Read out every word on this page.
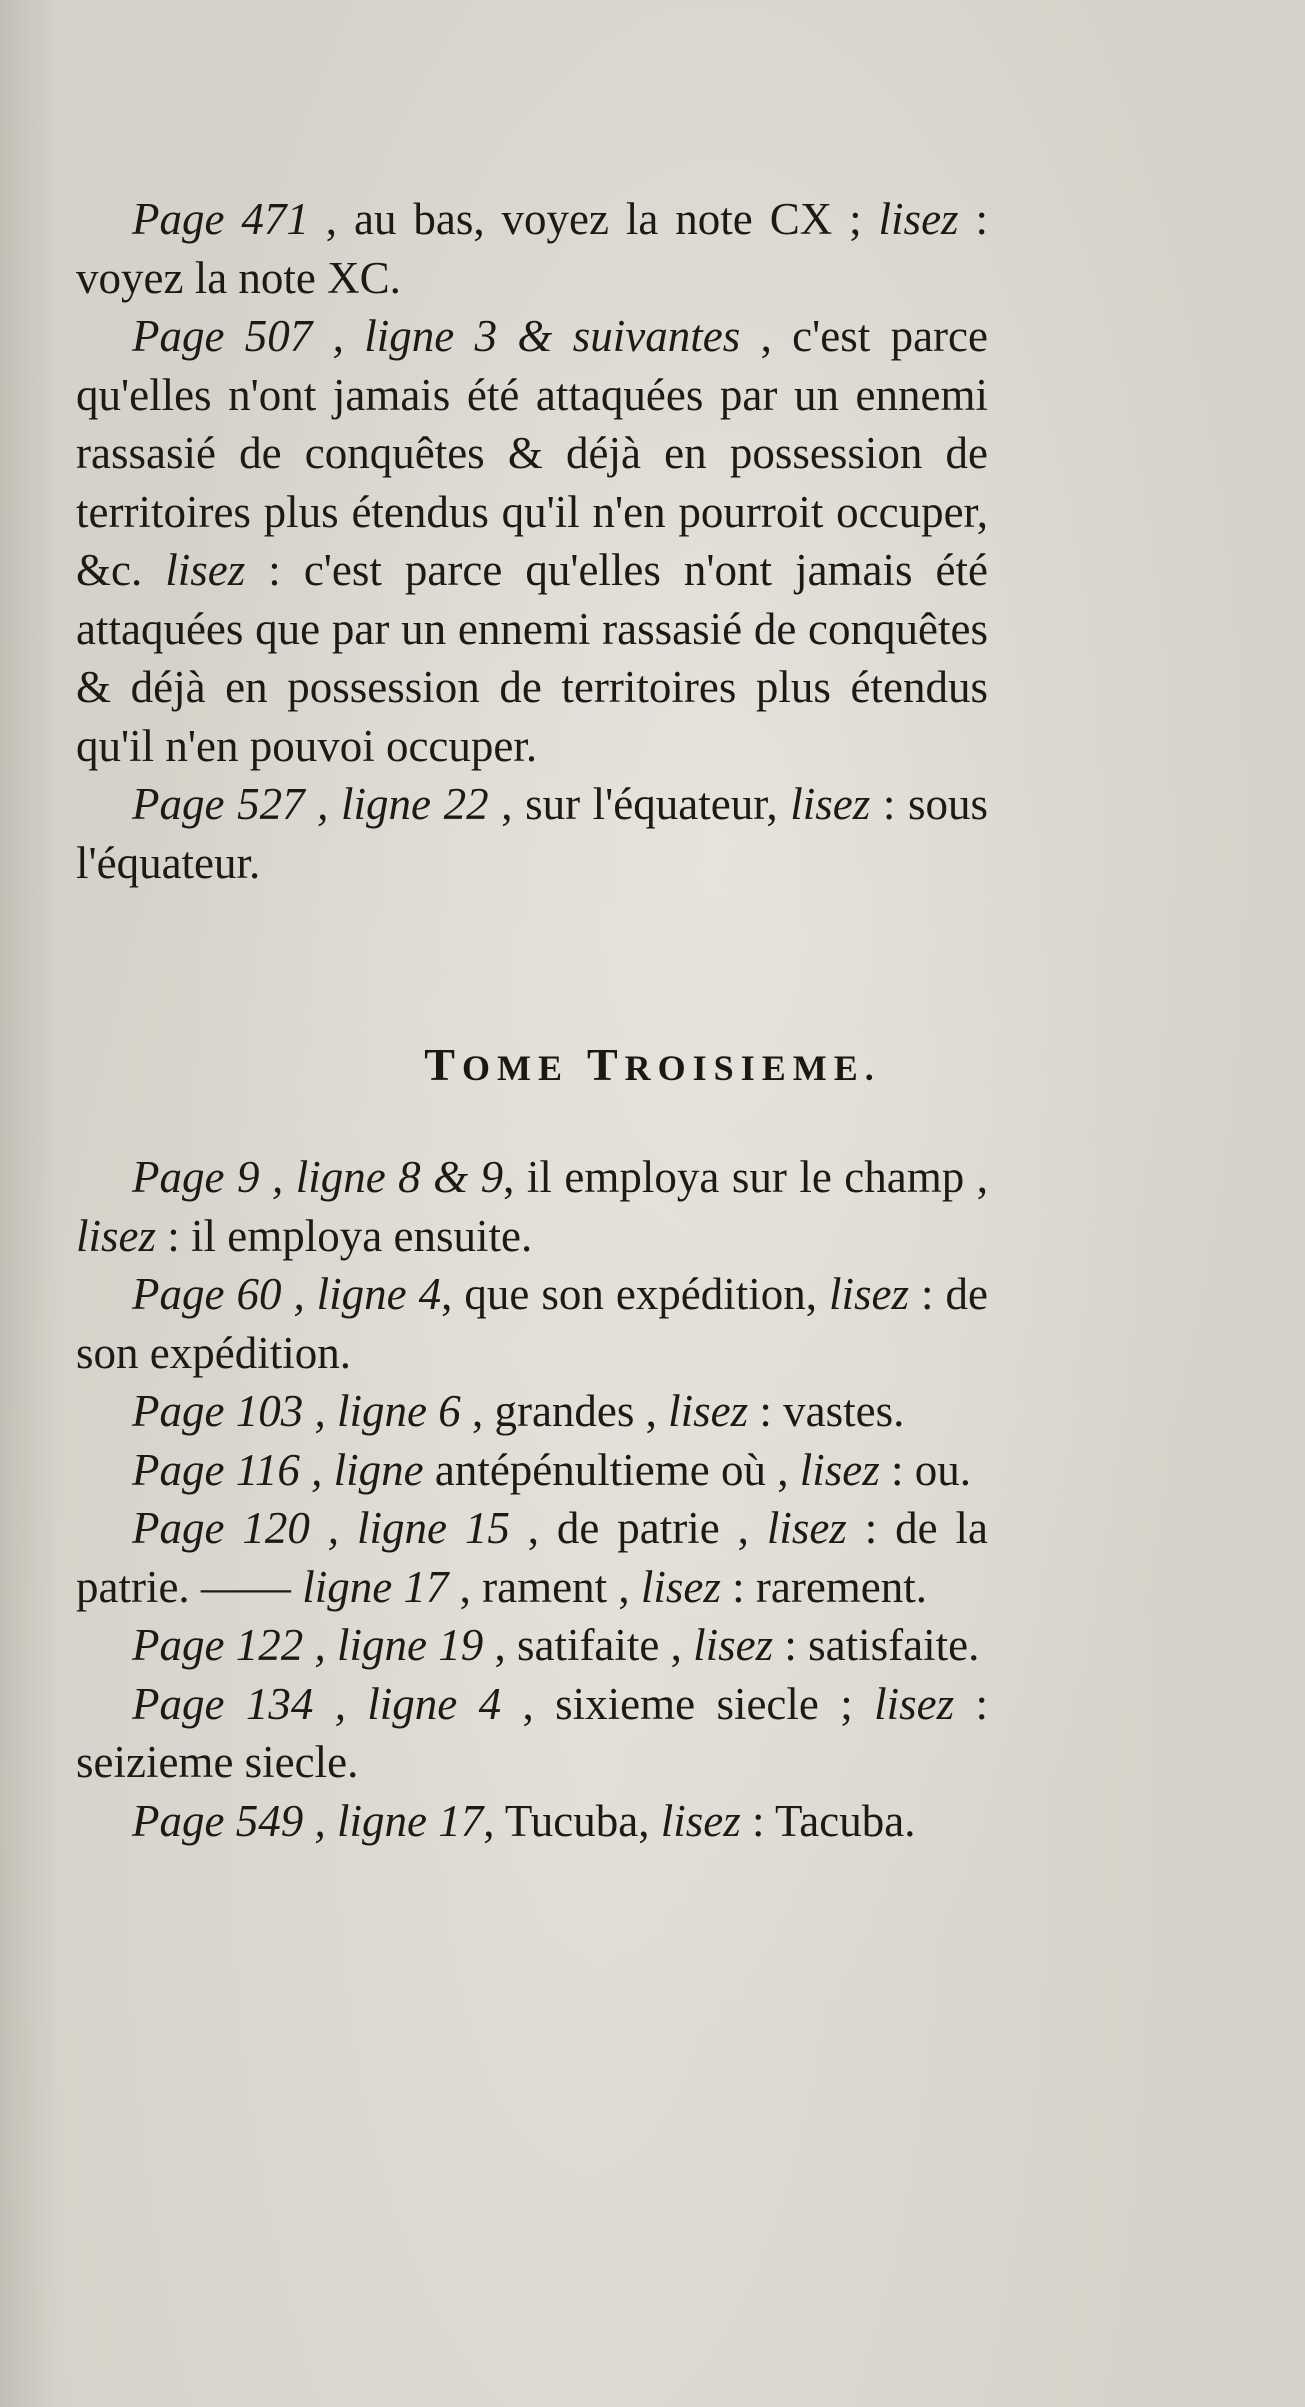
Page 471 , au bas, voyez la note CX ; lisez : voyez la note XC.

Page 507 , ligne 3 & suivantes , c'est parce qu'elles n'ont jamais été attaquées par un ennemi rassasié de conquêtes & déjà en possession de territoires plus étendus qu'il n'en pourroit occuper, &c. lisez : c'est parce qu'elles n'ont jamais été attaquées que par un ennemi rassasié de conquêtes & déjà en possession de territoires plus étendus qu'il n'en pouvoi occuper.

Page 527 , ligne 22 , sur l'équateur, lisez : sous l'équateur.

TOME TROISIEME.

Page 9 , ligne 8 & 9, il employa sur le champ , lisez : il employa ensuite.

Page 60 , ligne 4, que son expédition, lisez : de son expédition.

Page 103 , ligne 6 , grandes , lisez : vastes.

Page 116 , ligne antépénultieme où , lisez : ou.

Page 120 , ligne 15 , de patrie , lisez : de la patrie. —— ligne 17 , rament , lisez : rarement.

Page 122 , ligne 19 , satifaite , lisez : satisfaite.

Page 134 , ligne 4 , sixieme siecle ; lisez : seizieme siecle.

Page 549 , ligne 17, Tucuba, lisez : Tacuba.
